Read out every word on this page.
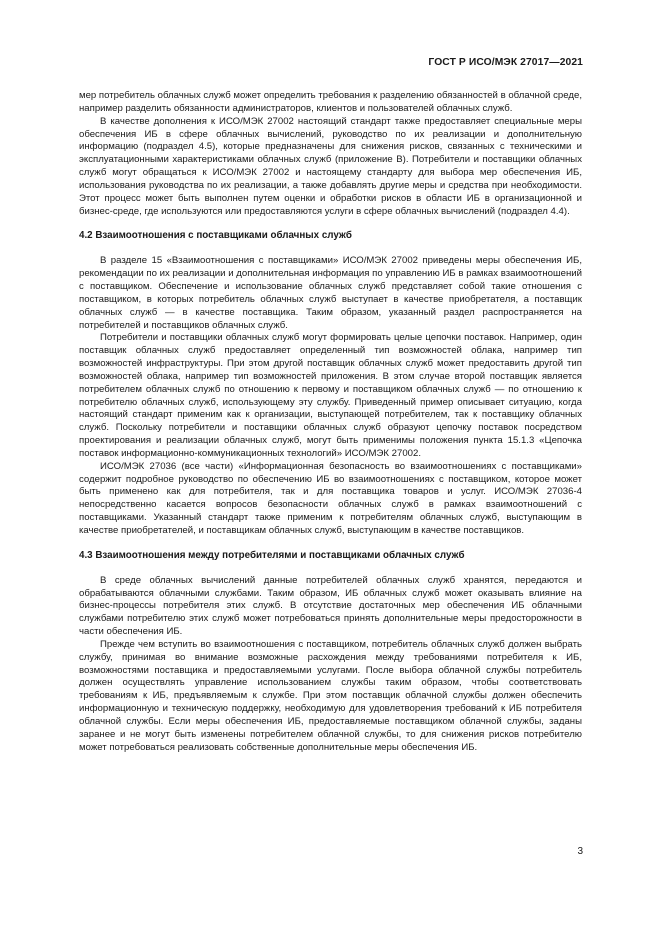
ГОСТ Р ИСО/МЭК 27017—2021

мер потребитель облачных служб может определить требования к разделению обязанностей в облачной среде, например разделить обязанности администраторов, клиентов и пользователей облачных служб.

В качестве дополнения к ИСО/МЭК 27002 настоящий стандарт также предоставляет специальные меры обеспечения ИБ в сфере облачных вычислений, руководство по их реализации и дополнительную информацию (подраздел 4.5), которые предназначены для снижения рисков, связанных с техническими и эксплуатационными характеристиками облачных служб (приложение В). Потребители и поставщики облачных служб могут обращаться к ИСО/МЭК 27002 и настоящему стандарту для выбора мер обеспечения ИБ, использования руководства по их реализации, а также добавлять другие меры и средства при необходимости. Этот процесс может быть выполнен путем оценки и обработки рисков в области ИБ в организационной и бизнес-среде, где используются или предоставляются услуги в сфере облачных вычислений (подраздел 4.4).

4.2 Взаимоотношения с поставщиками облачных служб

В разделе 15 «Взаимоотношения с поставщиками» ИСО/МЭК 27002 приведены меры обеспечения ИБ, рекомендации по их реализации и дополнительная информация по управлению ИБ в рамках взаимоотношений с поставщиком. Обеспечение и использование облачных служб представляет собой такие отношения с поставщиком, в которых потребитель облачных служб выступает в качестве приобретателя, а поставщик облачных служб — в качестве поставщика. Таким образом, указанный раздел распространяется на потребителей и поставщиков облачных служб.

Потребители и поставщики облачных служб могут формировать целые цепочки поставок. Например, один поставщик облачных служб предоставляет определенный тип возможностей облака, например тип возможностей инфраструктуры. При этом другой поставщик облачных служб может предоставить другой тип возможностей облака, например тип возможностей приложения. В этом случае второй поставщик является потребителем облачных служб по отношению к первому и поставщиком облачных служб — по отношению к потребителю облачных служб, использующему эту службу. Приведенный пример описывает ситуацию, когда настоящий стандарт применим как к организации, выступающей потребителем, так к поставщику облачных служб. Поскольку потребители и поставщики облачных служб образуют цепочку поставок посредством проектирования и реализации облачных служб, могут быть применимы положения пункта 15.1.3 «Цепочка поставок информационно-коммуникационных технологий» ИСО/МЭК 27002.

ИСО/МЭК 27036 (все части) «Информационная безопасность во взаимоотношениях с поставщиками» содержит подробное руководство по обеспечению ИБ во взаимоотношениях с поставщиком, которое может быть применено как для потребителя, так и для поставщика товаров и услуг. ИСО/МЭК 27036-4 непосредственно касается вопросов безопасности облачных служб в рамках взаимоотношений с поставщиками. Указанный стандарт также применим к потребителям облачных служб, выступающим в качестве приобретателей, и поставщикам облачных служб, выступающим в качестве поставщиков.

4.3 Взаимоотношения между потребителями и поставщиками облачных служб

В среде облачных вычислений данные потребителей облачных служб хранятся, передаются и обрабатываются облачными службами. Таким образом, ИБ облачных служб может оказывать влияние на бизнес-процессы потребителя этих служб. В отсутствие достаточных мер обеспечения ИБ облачными службами потребителю этих служб может потребоваться принять дополнительные меры предосторожности в части обеспечения ИБ.

Прежде чем вступить во взаимоотношения с поставщиком, потребитель облачных служб должен выбрать службу, принимая во внимание возможные расхождения между требованиями потребителя к ИБ, возможностями поставщика и предоставляемыми услугами. После выбора облачной службы потребитель должен осуществлять управление использованием службы таким образом, чтобы соответствовать требованиям к ИБ, предъявляемым к службе. При этом поставщик облачной службы должен обеспечить информационную и техническую поддержку, необходимую для удовлетворения требований к ИБ потребителя облачной службы. Если меры обеспечения ИБ, предоставляемые поставщиком облачной службы, заданы заранее и не могут быть изменены потребителем облачной службы, то для снижения рисков потребителю может потребоваться реализовать собственные дополнительные меры обеспечения ИБ.

3
